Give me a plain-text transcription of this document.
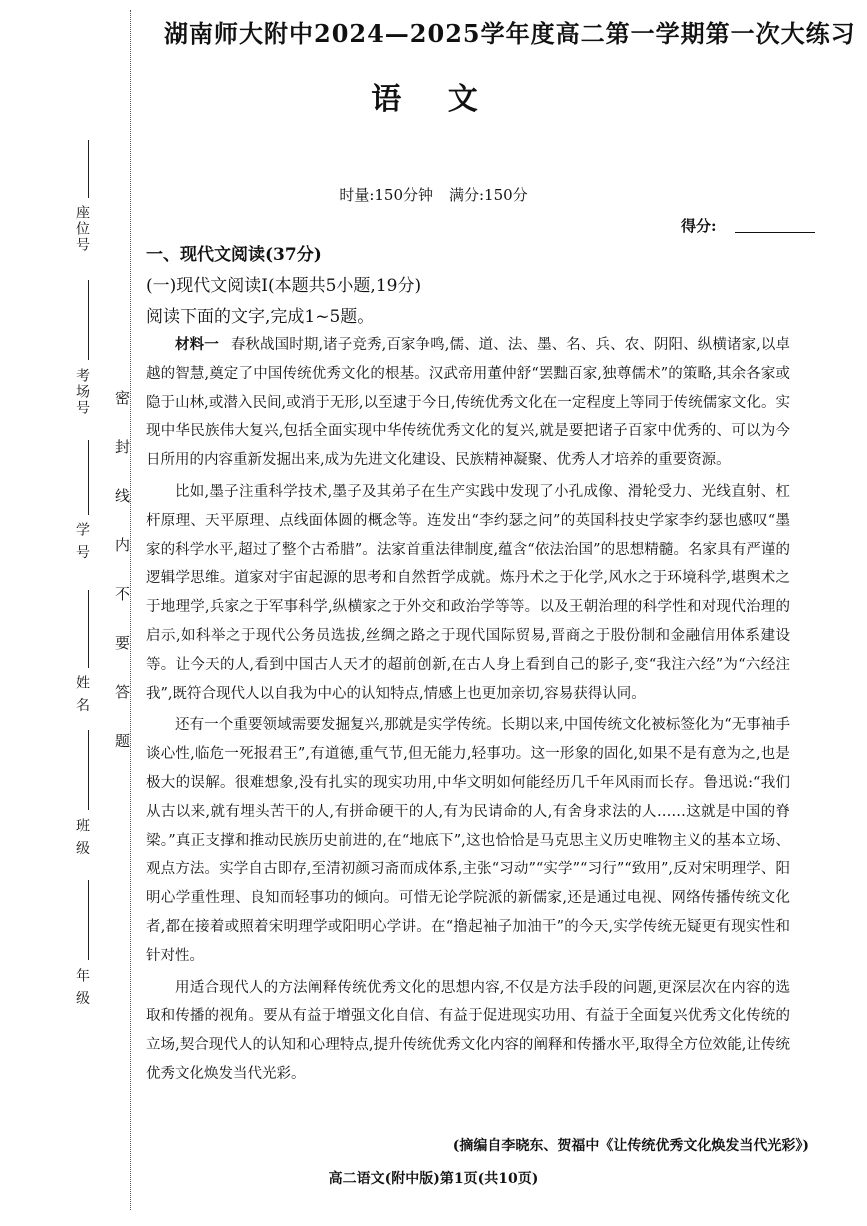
座位号
考场号
学 号
姓 名
班 级
年 级
密封线内不要答题
湖南师大附中2024—2025学年度高二第一学期第一次大练习
语 文
时量:150分钟 满分:150分
得分:
一、现代文阅读(37分)
(一)现代文阅读Ⅰ(本题共5小题,19分)
阅读下面的文字,完成1~5题。

材料一 春秋战国时期,诸子竞秀,百家争鸣,儒、道、法、墨、名、兵、农、阴阳、纵横诸家,以卓越的智慧,奠定了中国传统优秀文化的根基。汉武帝用董仲舒“罢黜百家,独尊儒术”的策略,其余各家或隐于山林,或潜入民间,或消于无形,以至逮于今日,传统优秀文化在一定程度上等同于传统儒家文化。实现中华民族伟大复兴,包括全面实现中华传统优秀文化的复兴,就是要把诸子百家中优秀的、可以为今日所用的内容重新发掘出来,成为先进文化建设、民族精神凝聚、优秀人才培养的重要资源。

比如,墨子注重科学技术,墨子及其弟子在生产实践中发现了小孔成像、滑轮受力、光线直射、杠杆原理、天平原理、点线面体圆的概念等。连发出“李约瑟之问”的英国科技史学家李约瑟也感叹“墨家的科学水平,超过了整个古希腊”。法家首重法律制度,蕴含“依法治国”的思想精髓。名家具有严谨的逻辑学思维。道家对宇宙起源的思考和自然哲学成就。炼丹术之于化学,风水之于环境科学,堪舆术之于地理学,兵家之于军事科学,纵横家之于外交和政治学等等。以及王朝治理的科学性和对现代治理的启示,如科举之于现代公务员选拔,丝绸之路之于现代国际贸易,晋商之于股份制和金融信用体系建设等。让今天的人,看到中国古人天才的超前创新,在古人身上看到自己的影子,变“我注六经”为“六经注我”,既符合现代人以自我为中心的认知特点,情感上也更加亲切,容易获得认同。

还有一个重要领域需要发掘复兴,那就是实学传统。长期以来,中国传统文化被标签化为“无事袖手谈心性,临危一死报君王”,有道德,重气节,但无能力,轻事功。这一形象的固化,如果不是有意为之,也是极大的误解。很难想象,没有扎实的现实功用,中华文明如何能经历几千年风雨而长存。鲁迅说:“我们从古以来,就有埋头苦干的人,有拼命硬干的人,有为民请命的人,有舍身求法的人……这就是中国的脊梁。”真正支撑和推动民族历史前进的,在“地底下”,这也恰恰是马克思主义历史唯物主义的基本立场、观点方法。实学自古即存,至清初颜习斋而成体系,主张“习动”“实学”“习行”“致用”,反对宋明理学、阳明心学重性理、良知而轻事功的倾向。可惜无论学院派的新儒家,还是通过电视、网络传播传统文化者,都在接着或照着宋明理学或阳明心学讲。在“撸起袖子加油干”的今天,实学传统无疑更有现实性和针对性。

用适合现代人的方法阐释传统优秀文化的思想内容,不仅是方法手段的问题,更深层次在内容的选取和传播的视角。要从有益于增强文化自信、有益于促进现实功用、有益于全面复兴优秀文化传统的立场,契合现代人的认知和心理特点,提升传统优秀文化内容的阐释和传播水平,取得全方位效能,让传统优秀文化焕发当代光彩。

(摘编自李晓东、贺福中《让传统优秀文化焕发当代光彩》)
高二语文(附中版)第1页(共10页)
